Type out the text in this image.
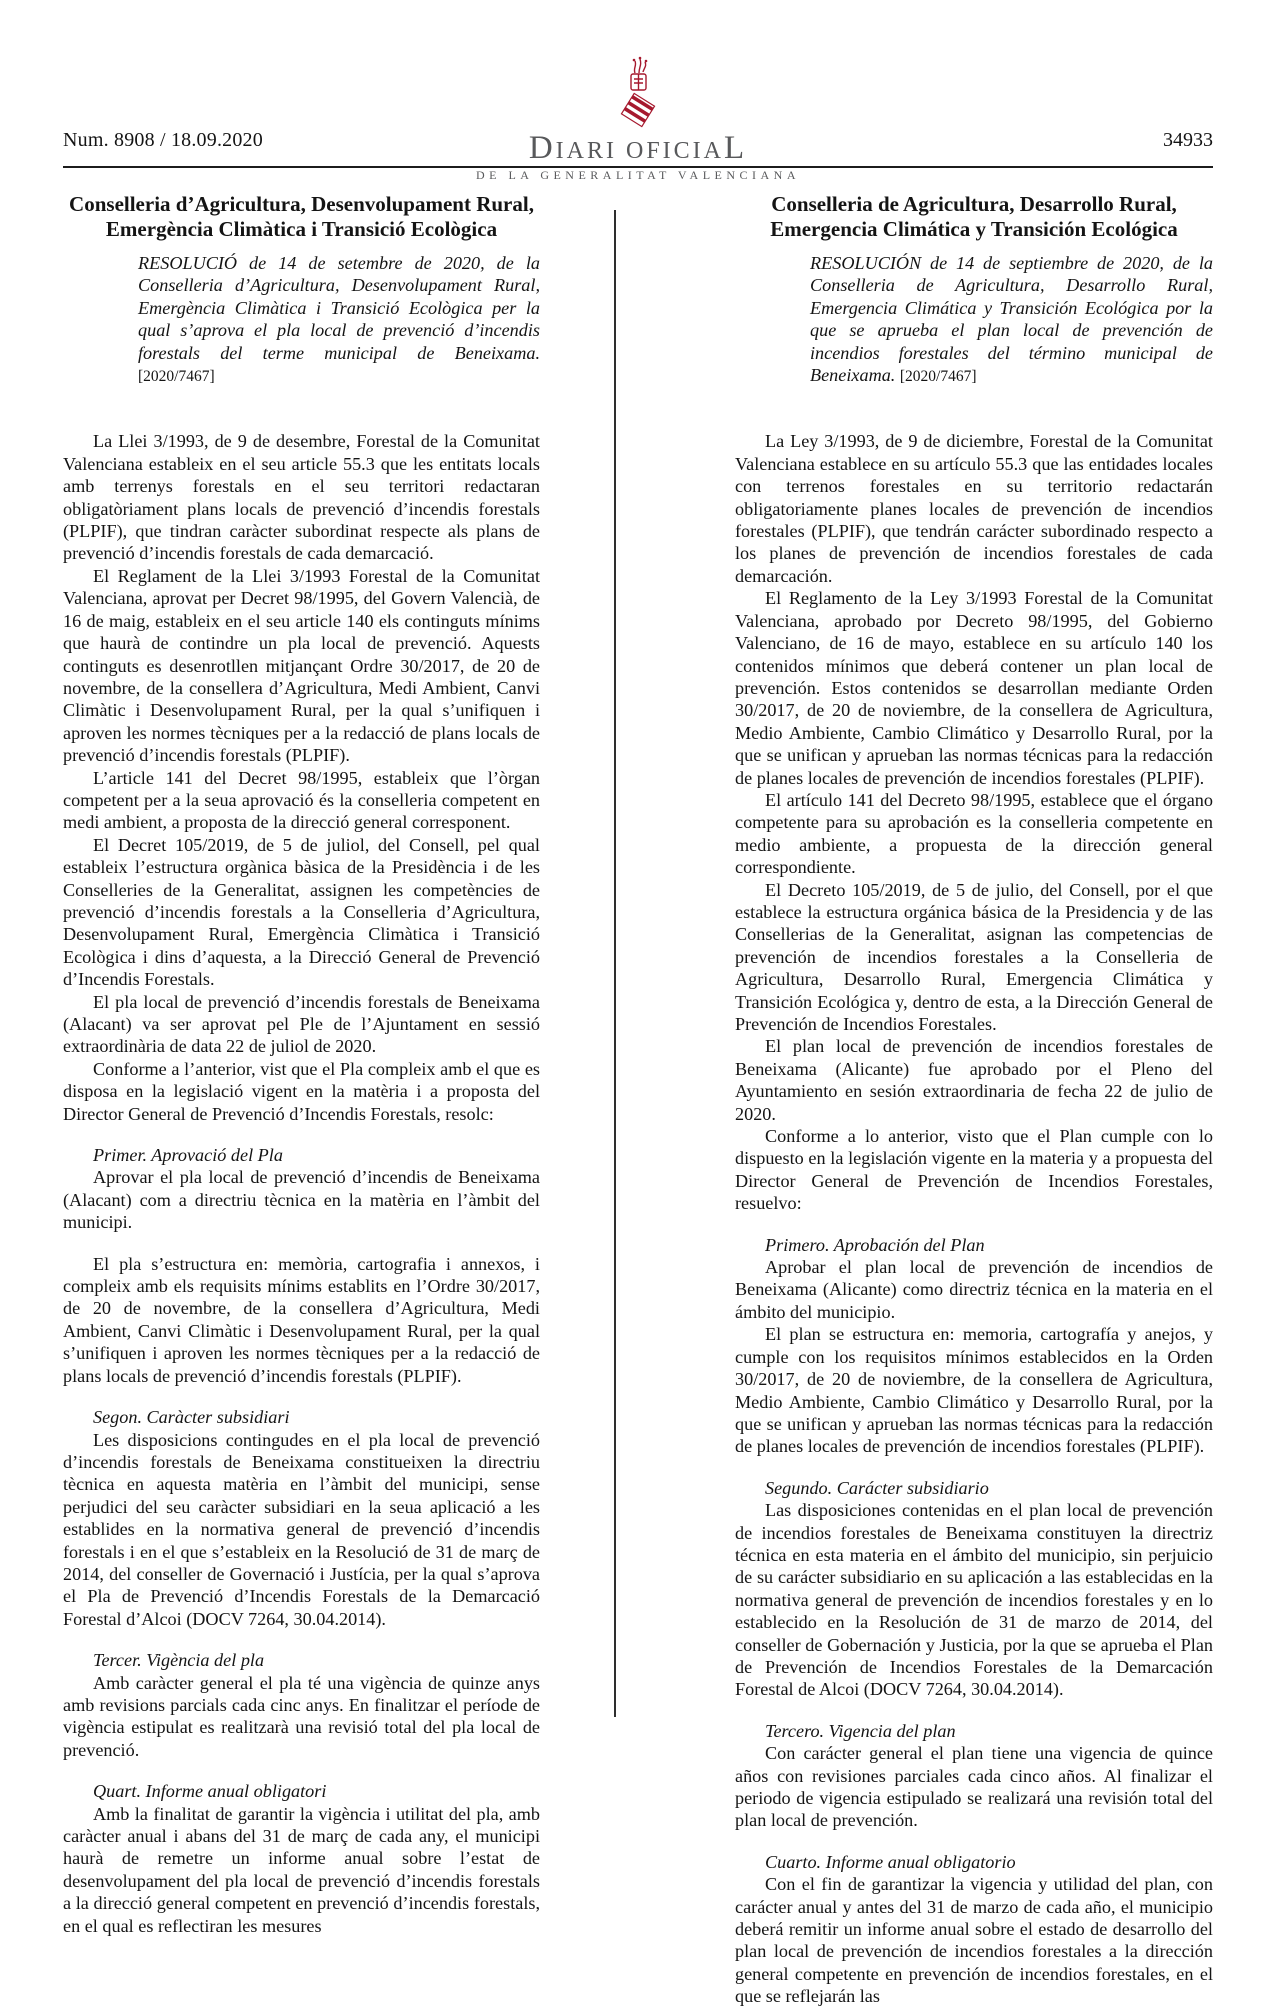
Num. 8908 / 18.09.2020	34933
DIARI OFICIAL
DE LA GENERALITAT VALENCIANA
Conselleria d’Agricultura, Desenvolupament Rural,
Emergència Climàtica i Transició Ecològica
RESOLUCIÓ de 14 de setembre de 2020, de la Conselleria d’Agricultura, Desenvolupament Rural, Emergència Climàtica i Transició Ecològica per la qual s’aprova el pla local de prevenció d’incendis forestals del terme municipal de Beneixama. [2020/7467]

La Llei 3/1993, de 9 de desembre, Forestal de la Comunitat Valenciana estableix en el seu article 55.3 que les entitats locals amb terrenys forestals en el seu territori redactaran obligatòriament plans locals de prevenció d’incendis forestals (PLPIF), que tindran caràcter subordinat respecte als plans de prevenció d’incendis forestals de cada demarcació.

El Reglament de la Llei 3/1993 Forestal de la Comunitat Valenciana, aprovat per Decret 98/1995, del Govern Valencià, de 16 de maig, estableix en el seu article 140 els continguts mínims que haurà de contindre un pla local de prevenció. Aquests continguts es desenrotllen mitjançant Ordre 30/2017, de 20 de novembre, de la consellera d’Agricultura, Medi Ambient, Canvi Climàtic i Desenvolupament Rural, per la qual s’unifiquen i aproven les normes tècniques per a la redacció de plans locals de prevenció d’incendis forestals (PLPIF).

L’article 141 del Decret 98/1995, estableix que l’òrgan competent per a la seua aprovació és la conselleria competent en medi ambient, a proposta de la direcció general corresponent.

El Decret 105/2019, de 5 de juliol, del Consell, pel qual estableix l’estructura orgànica bàsica de la Presidència i de les Conselleries de la Generalitat, assignen les competències de prevenció d’incendis forestals a la Conselleria d’Agricultura, Desenvolupament Rural, Emergència Climàtica i Transició Ecològica i dins d’aquesta, a la Direcció General de Prevenció d’Incendis Forestals.

El pla local de prevenció d’incendis forestals de Beneixama (Alacant) va ser aprovat pel Ple de l’Ajuntament en sessió extraordinària de data 22 de juliol de 2020.

Conforme a l’anterior, vist que el Pla compleix amb el que es disposa en la legislació vigent en la matèria i a proposta del Director General de Prevenció d’Incendis Forestals, resolc:

Primer. Aprovació del Pla

Aprovar el pla local de prevenció d’incendis de Beneixama (Alacant) com a directriu tècnica en la matèria en l’àmbit del municipi.

El pla s’estructura en: memòria, cartografia i annexos, i compleix amb els requisits mínims establits en l’Ordre 30/2017, de 20 de novembre, de la consellera d’Agricultura, Medi Ambient, Canvi Climàtic i Desenvolupament Rural, per la qual s’unifiquen i aproven les normes tècniques per a la redacció de plans locals de prevenció d’incendis forestals (PLPIF).

Segon. Caràcter subsidiari

Les disposicions contingudes en el pla local de prevenció d’incendis forestals de Beneixama constitueixen la directriu tècnica en aquesta matèria en l’àmbit del municipi, sense perjudici del seu caràcter subsidiari en la seua aplicació a les establides en la normativa general de prevenció d’incendis forestals i en el que s’estableix en la Resolució de 31 de març de 2014, del conseller de Governació i Justícia, per la qual s’aprova el Pla de Prevenció d’Incendis Forestals de la Demarcació Forestal d’Alcoi (DOCV 7264, 30.04.2014).

Tercer. Vigència del pla

Amb caràcter general el pla té una vigència de quinze anys amb revisions parcials cada cinc anys. En finalitzar el període de vigència estipulat es realitzarà una revisió total del pla local de prevenció.

Quart. Informe anual obligatori

Amb la finalitat de garantir la vigència i utilitat del pla, amb caràcter anual i abans del 31 de març de cada any, el municipi haurà de remetre un informe anual sobre l’estat de desenvolupament del pla local de prevenció d’incendis forestals a la direcció general competent en prevenció d’incendis forestals, en el qual es reflectiran les mesures

Conselleria de Agricultura, Desarrollo Rural,
Emergencia Climática y Transición Ecológica
RESOLUCIÓN de 14 de septiembre de 2020, de la Conselleria de Agricultura, Desarrollo Rural, Emergencia Climática y Transición Ecológica por la que se aprueba el plan local de prevención de incendios forestales del término municipal de Beneixama. [2020/7467]

La Ley 3/1993, de 9 de diciembre, Forestal de la Comunitat Valenciana establece en su artículo 55.3 que las entidades locales con terrenos forestales en su territorio redactarán obligatoriamente planes locales de prevención de incendios forestales (PLPIF), que tendrán carácter subordinado respecto a los planes de prevención de incendios forestales de cada demarcación.

El Reglamento de la Ley 3/1993 Forestal de la Comunitat Valenciana, aprobado por Decreto 98/1995, del Gobierno Valenciano, de 16 de mayo, establece en su artículo 140 los contenidos mínimos que deberá contener un plan local de prevención. Estos contenidos se desarrollan mediante Orden 30/2017, de 20 de noviembre, de la consellera de Agricultura, Medio Ambiente, Cambio Climático y Desarrollo Rural, por la que se unifican y aprueban las normas técnicas para la redacción de planes locales de prevención de incendios forestales (PLPIF).

El artículo 141 del Decreto 98/1995, establece que el órgano competente para su aprobación es la conselleria competente en medio ambiente, a propuesta de la dirección general correspondiente.

El Decreto 105/2019, de 5 de julio, del Consell, por el que establece la estructura orgánica básica de la Presidencia y de las Consellerias de la Generalitat, asignan las competencias de prevención de incendios forestales a la Conselleria de Agricultura, Desarrollo Rural, Emergencia Climática y Transición Ecológica y, dentro de esta, a la Dirección General de Prevención de Incendios Forestales.

El plan local de prevención de incendios forestales de Beneixama (Alicante) fue aprobado por el Pleno del Ayuntamiento en sesión extraordinaria de fecha 22 de julio de 2020.

Conforme a lo anterior, visto que el Plan cumple con lo dispuesto en la legislación vigente en la materia y a propuesta del Director General de Prevención de Incendios Forestales, resuelvo:

Primero. Aprobación del Plan

Aprobar el plan local de prevención de incendios de Beneixama (Alicante) como directriz técnica en la materia en el ámbito del municipio.

El plan se estructura en: memoria, cartografía y anejos, y cumple con los requisitos mínimos establecidos en la Orden 30/2017, de 20 de noviembre, de la consellera de Agricultura, Medio Ambiente, Cambio Climático y Desarrollo Rural, por la que se unifican y aprueban las normas técnicas para la redacción de planes locales de prevención de incendios forestales (PLPIF).

Segundo. Carácter subsidiario

Las disposiciones contenidas en el plan local de prevención de incendios forestales de Beneixama constituyen la directriz técnica en esta materia en el ámbito del municipio, sin perjuicio de su carácter subsidiario en su aplicación a las establecidas en la normativa general de prevención de incendios forestales y en lo establecido en la Resolución de 31 de marzo de 2014, del conseller de Gobernación y Justicia, por la que se aprueba el Plan de Prevención de Incendios Forestales de la Demarcación Forestal de Alcoi (DOCV 7264, 30.04.2014).

Tercero. Vigencia del plan

Con carácter general el plan tiene una vigencia de quince años con revisiones parciales cada cinco años. Al finalizar el periodo de vigencia estipulado se realizará una revisión total del plan local de prevención.

Cuarto. Informe anual obligatorio

Con el fin de garantizar la vigencia y utilidad del plan, con carácter anual y antes del 31 de marzo de cada año, el municipio deberá remitir un informe anual sobre el estado de desarrollo del plan local de prevención de incendios forestales a la dirección general competente en prevención de incendios forestales, en el que se reflejarán las
